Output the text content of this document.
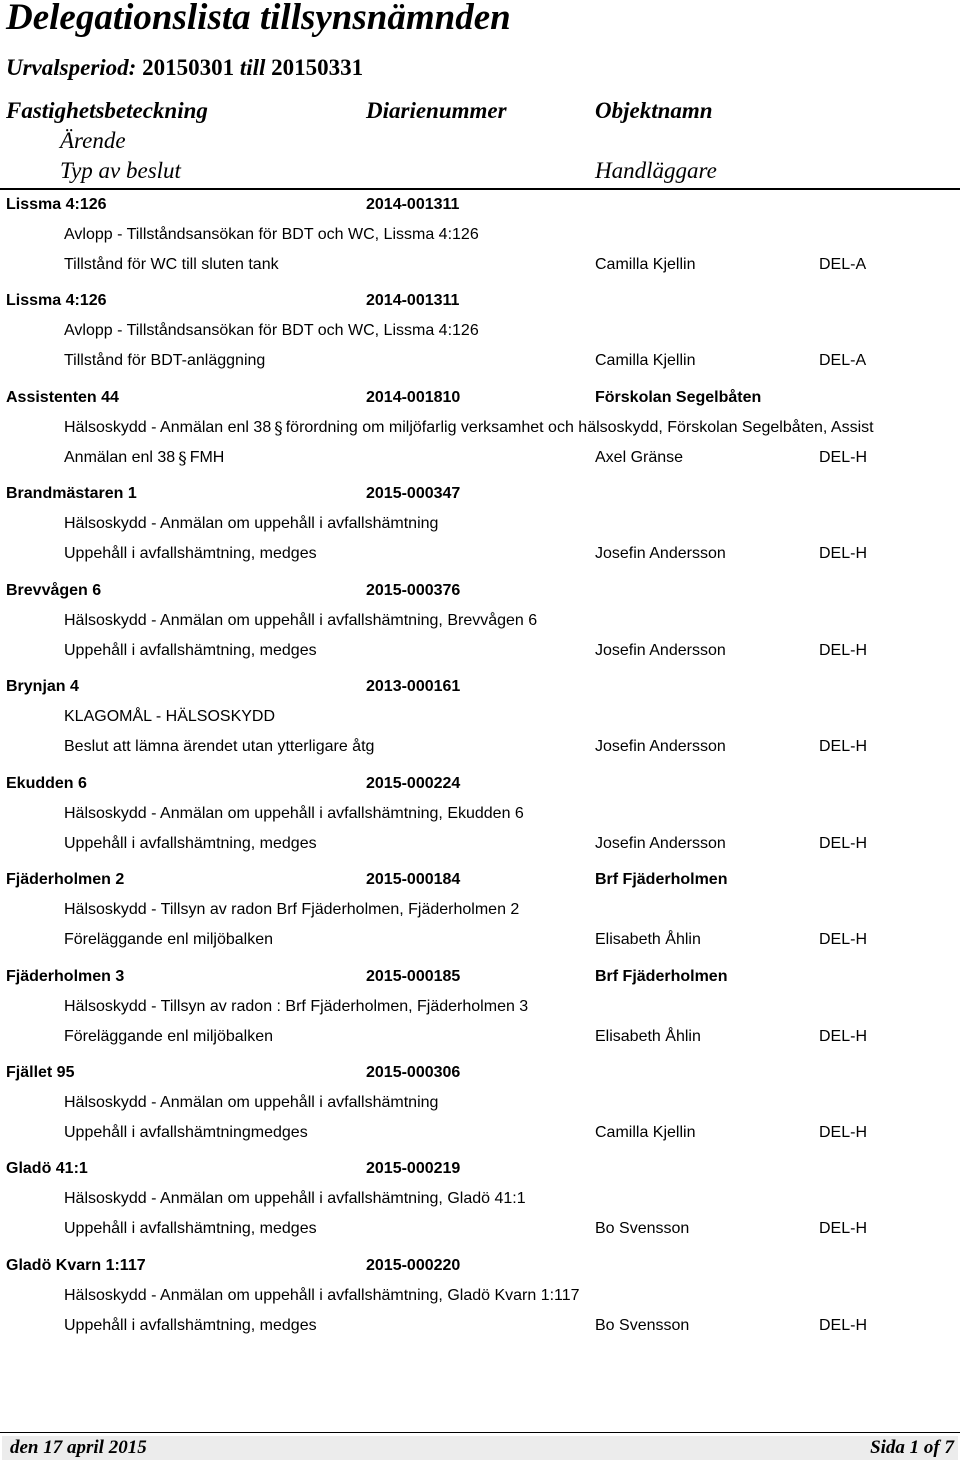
Delegationslista tillsynsnämnden
Urvalsperiod: 20150301 till 20150331
Fastighetsbeteckning	Diarienummer	Objektnamn
Ärende
Typ av beslut	Handläggare
Lissma 4:126	2014-001311
Avlopp - Tillståndsansökan för BDT och WC, Lissma 4:126
Tillstånd för WC till sluten tank	Camilla Kjellin	DEL-A
Lissma 4:126	2014-001311
Avlopp - Tillståndsansökan för BDT och WC, Lissma 4:126
Tillstånd för BDT-anläggning	Camilla Kjellin	DEL-A
Assistenten 44	2014-001810	Förskolan Segelbåten
Hälsoskydd - Anmälan enl 38 § förordning om miljöfarlig verksamhet och hälsoskydd, Förskolan Segelbåten, Assist
Anmälan enl 38 § FMH	Axel Gränse	DEL-H
Brandmästaren 1	2015-000347
Hälsoskydd - Anmälan om uppehåll i avfallshämtning
Uppehåll i avfallshämtning, medges	Josefin Andersson	DEL-H
Brevvågen 6	2015-000376
Hälsoskydd - Anmälan om uppehåll i avfallshämtning, Brevvågen 6
Uppehåll i avfallshämtning, medges	Josefin Andersson	DEL-H
Brynjan 4	2013-000161
KLAGOMÅL - HÄLSOSKYDD
Beslut att lämna ärendet utan ytterligare åtg	Josefin Andersson	DEL-H
Ekudden 6	2015-000224
Hälsoskydd - Anmälan om uppehåll i avfallshämtning, Ekudden 6
Uppehåll i avfallshämtning, medges	Josefin Andersson	DEL-H
Fjäderholmen 2	2015-000184	Brf Fjäderholmen
Hälsoskydd - Tillsyn av radon Brf Fjäderholmen, Fjäderholmen 2
Föreläggande enl miljöbalken	Elisabeth Åhlin	DEL-H
Fjäderholmen 3	2015-000185	Brf Fjäderholmen
Hälsoskydd - Tillsyn av radon : Brf Fjäderholmen, Fjäderholmen 3
Föreläggande enl miljöbalken	Elisabeth Åhlin	DEL-H
Fjället 95	2015-000306
Hälsoskydd - Anmälan om uppehåll i avfallshämtning
Uppehåll i avfallshämtningmedges	Camilla Kjellin	DEL-H
Gladö 41:1	2015-000219
Hälsoskydd - Anmälan om uppehåll i avfallshämtning, Gladö 41:1
Uppehåll i avfallshämtning, medges	Bo Svensson	DEL-H
Gladö Kvarn 1:117	2015-000220
Hälsoskydd - Anmälan om uppehåll i avfallshämtning, Gladö Kvarn 1:117
Uppehåll i avfallshämtning, medges	Bo Svensson	DEL-H
den 17 april 2015	Sida 1 of 7
